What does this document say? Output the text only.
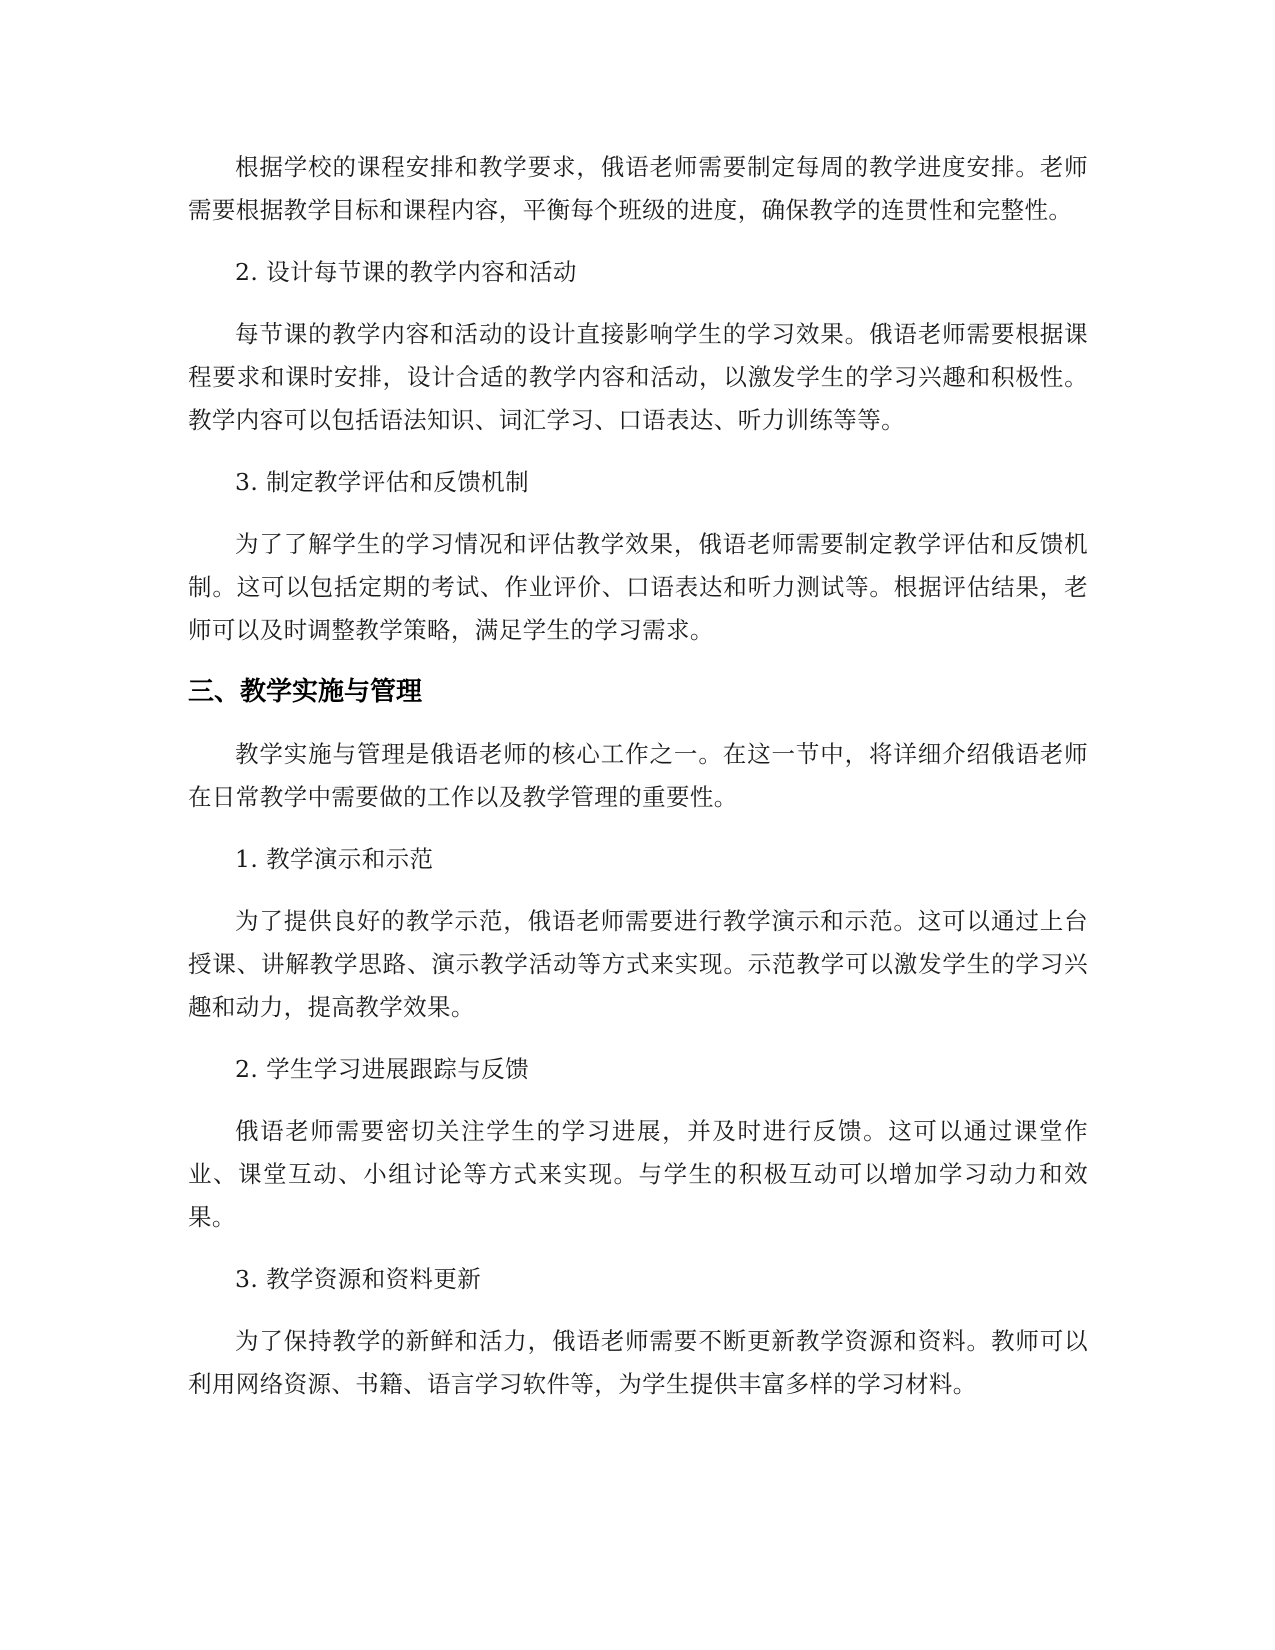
根据学校的课程安排和教学要求，俄语老师需要制定每周的教学进度安排。老师需要根据教学目标和课程内容，平衡每个班级的进度，确保教学的连贯性和完整性。

2. 设计每节课的教学内容和活动

每节课的教学内容和活动的设计直接影响学生的学习效果。俄语老师需要根据课程要求和课时安排，设计合适的教学内容和活动，以激发学生的学习兴趣和积极性。教学内容可以包括语法知识、词汇学习、口语表达、听力训练等等。

3. 制定教学评估和反馈机制

为了了解学生的学习情况和评估教学效果，俄语老师需要制定教学评估和反馈机制。这可以包括定期的考试、作业评价、口语表达和听力测试等。根据评估结果，老师可以及时调整教学策略，满足学生的学习需求。

三、教学实施与管理

教学实施与管理是俄语老师的核心工作之一。在这一节中，将详细介绍俄语老师在日常教学中需要做的工作以及教学管理的重要性。

1. 教学演示和示范

为了提供良好的教学示范，俄语老师需要进行教学演示和示范。这可以通过上台授课、讲解教学思路、演示教学活动等方式来实现。示范教学可以激发学生的学习兴趣和动力，提高教学效果。

2. 学生学习进展跟踪与反馈

俄语老师需要密切关注学生的学习进展，并及时进行反馈。这可以通过课堂作业、课堂互动、小组讨论等方式来实现。与学生的积极互动可以增加学习动力和效果。

3. 教学资源和资料更新

为了保持教学的新鲜和活力，俄语老师需要不断更新教学资源和资料。教师可以利用网络资源、书籍、语言学习软件等，为学生提供丰富多样的学习材料。
